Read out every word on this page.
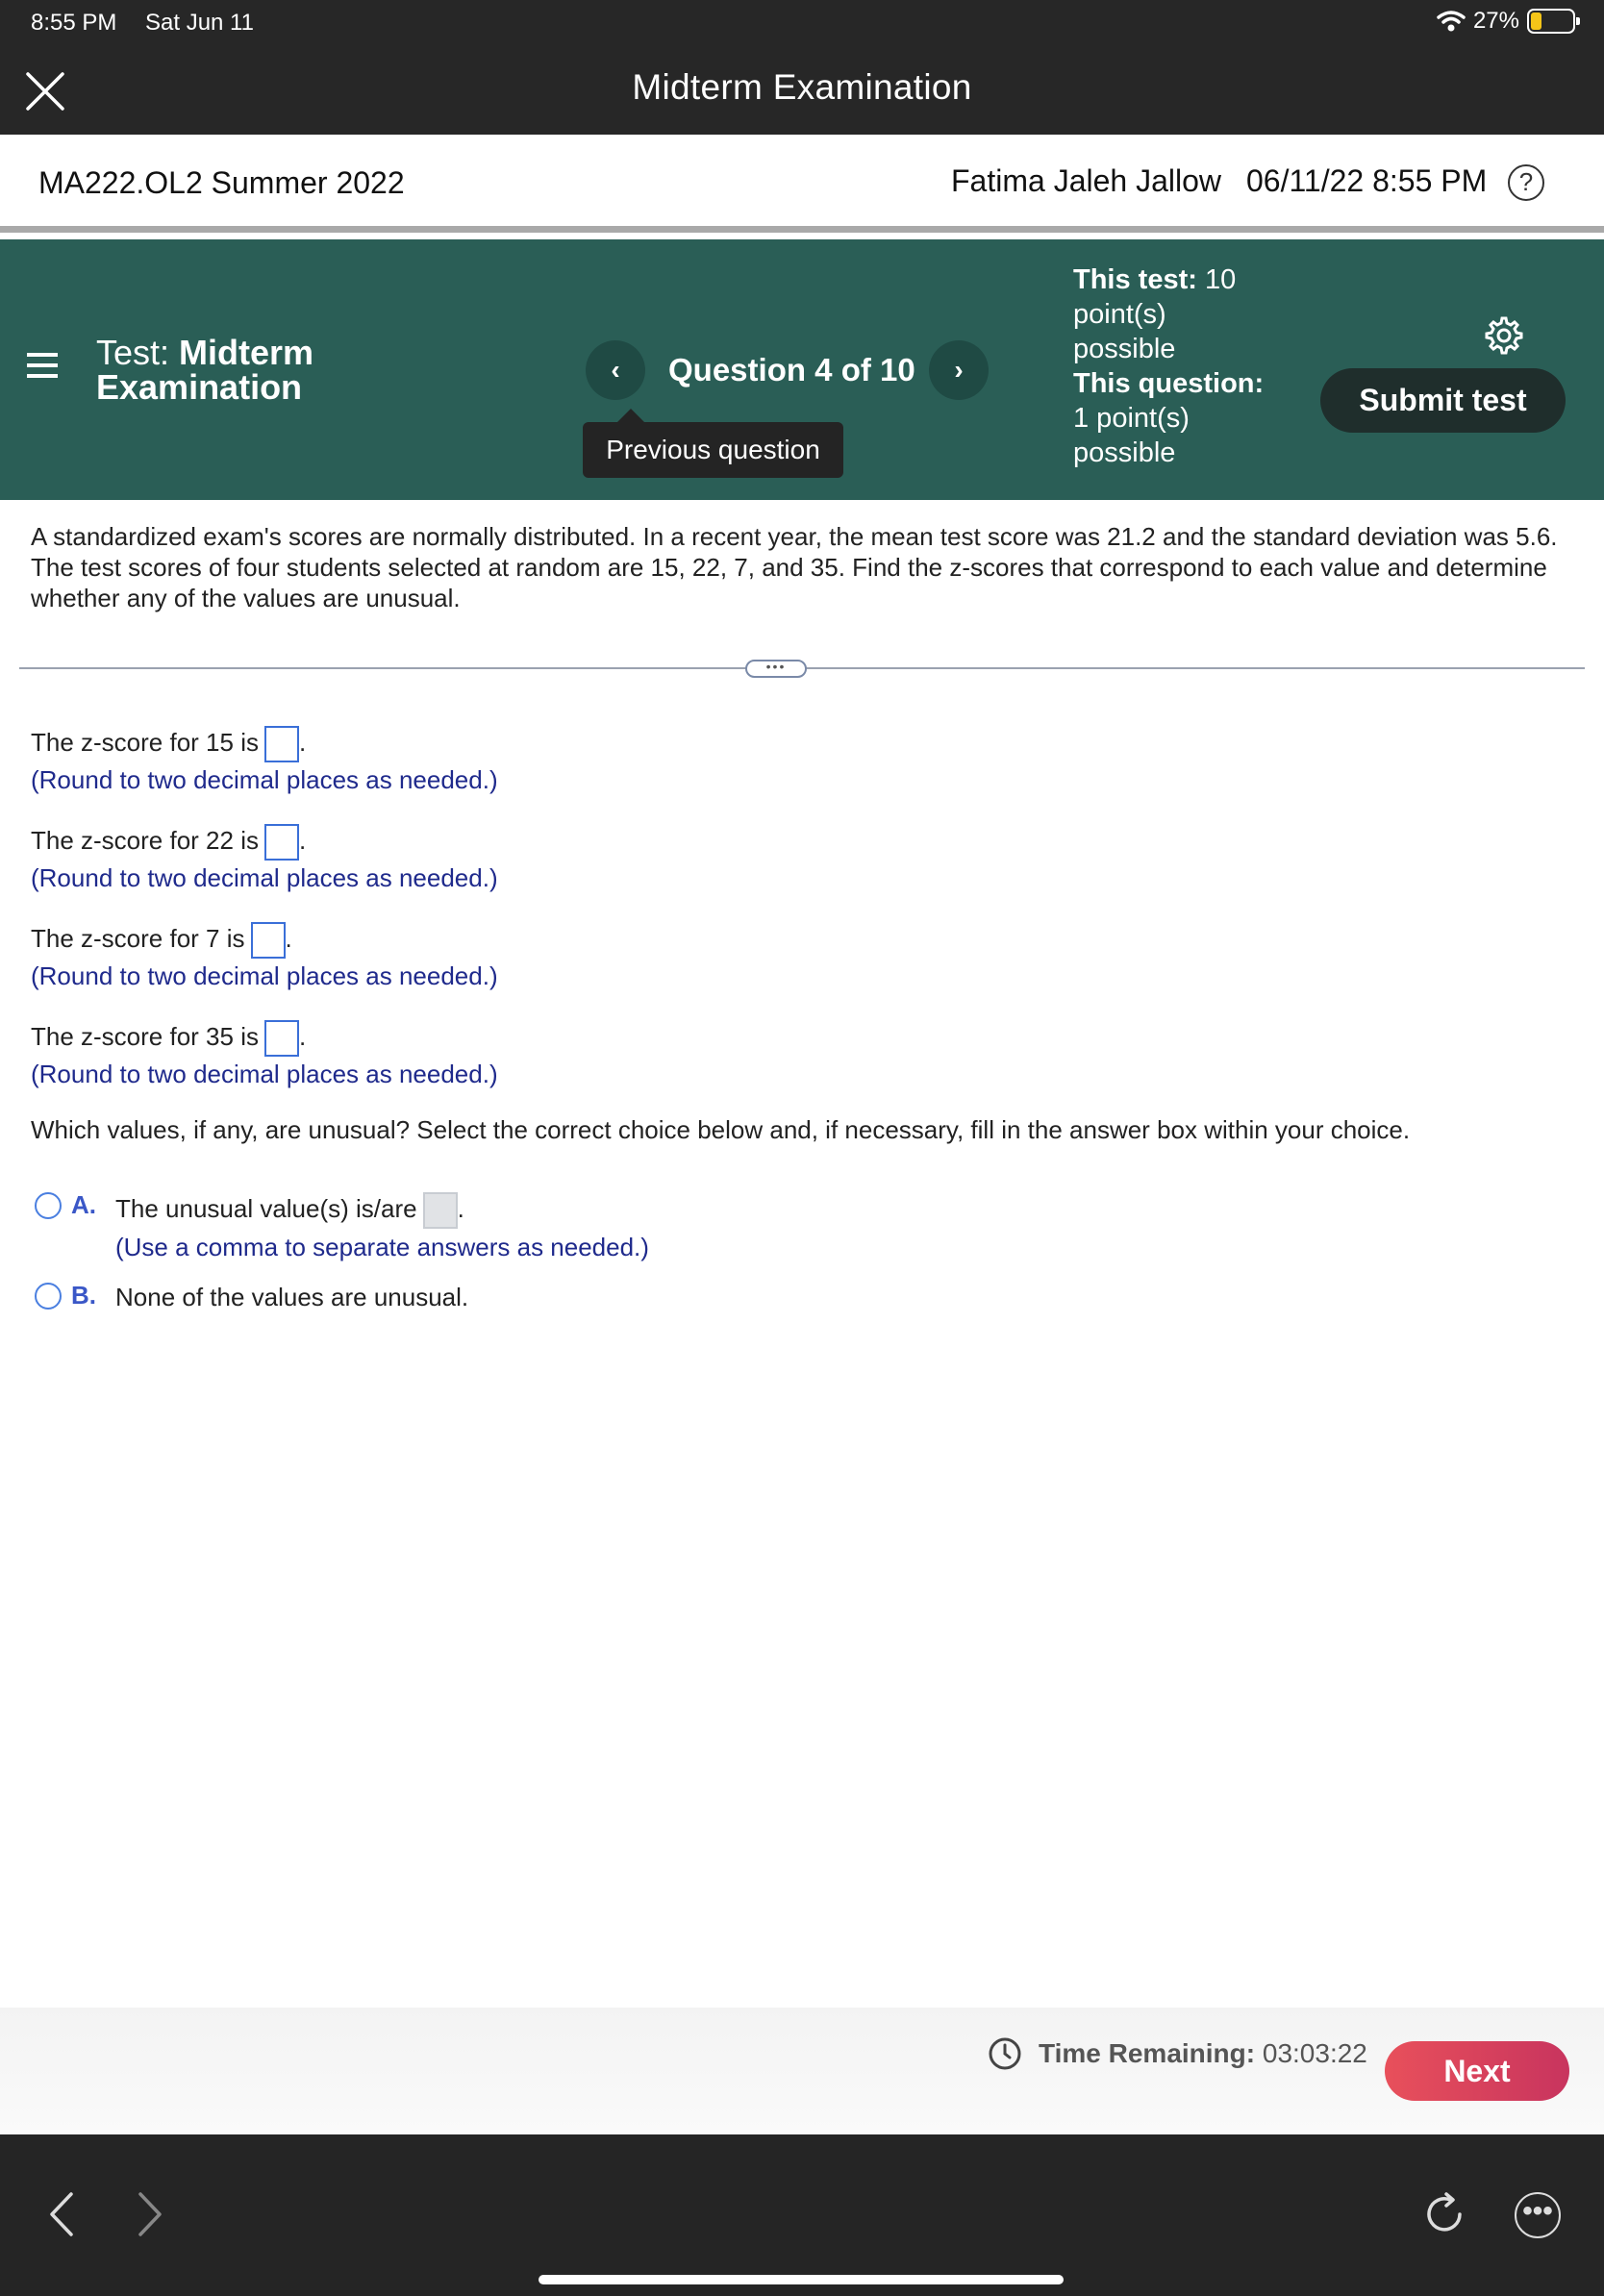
8:55 PM Sat Jun 11	27%
Midterm Examination
MA222.OL2 Summer 2022	Fatima Jaleh Jallow 06/11/22 8:55 PM	?
Test: Midterm
Examination	‹	Question 4 of 10	›
Previous question
This test: 10
point(s)
possible
This question:
1 point(s)
possible
Submit test
A standardized exam's scores are normally distributed. In a recent year, the mean test score was 21.2 and the standard deviation was 5.6. The test scores of four students selected at random are 15, 22, 7, and 35. Find the z-scores that correspond to each value and determine whether any of the values are unusual.
•••
The z-score for 15 is .
(Round to two decimal places as needed.)
The z-score for 22 is .
(Round to two decimal places as needed.)
The z-score for 7 is .
(Round to two decimal places as needed.)
The z-score for 35 is .
(Round to two decimal places as needed.)
Which values, if any, are unusual? Select the correct choice below and, if necessary, fill in the answer box within your choice.
A. The unusual value(s) is/are .
(Use a comma to separate answers as needed.)
B. None of the values are unusual.
Time Remaining: 03:03:22
Next
•••
